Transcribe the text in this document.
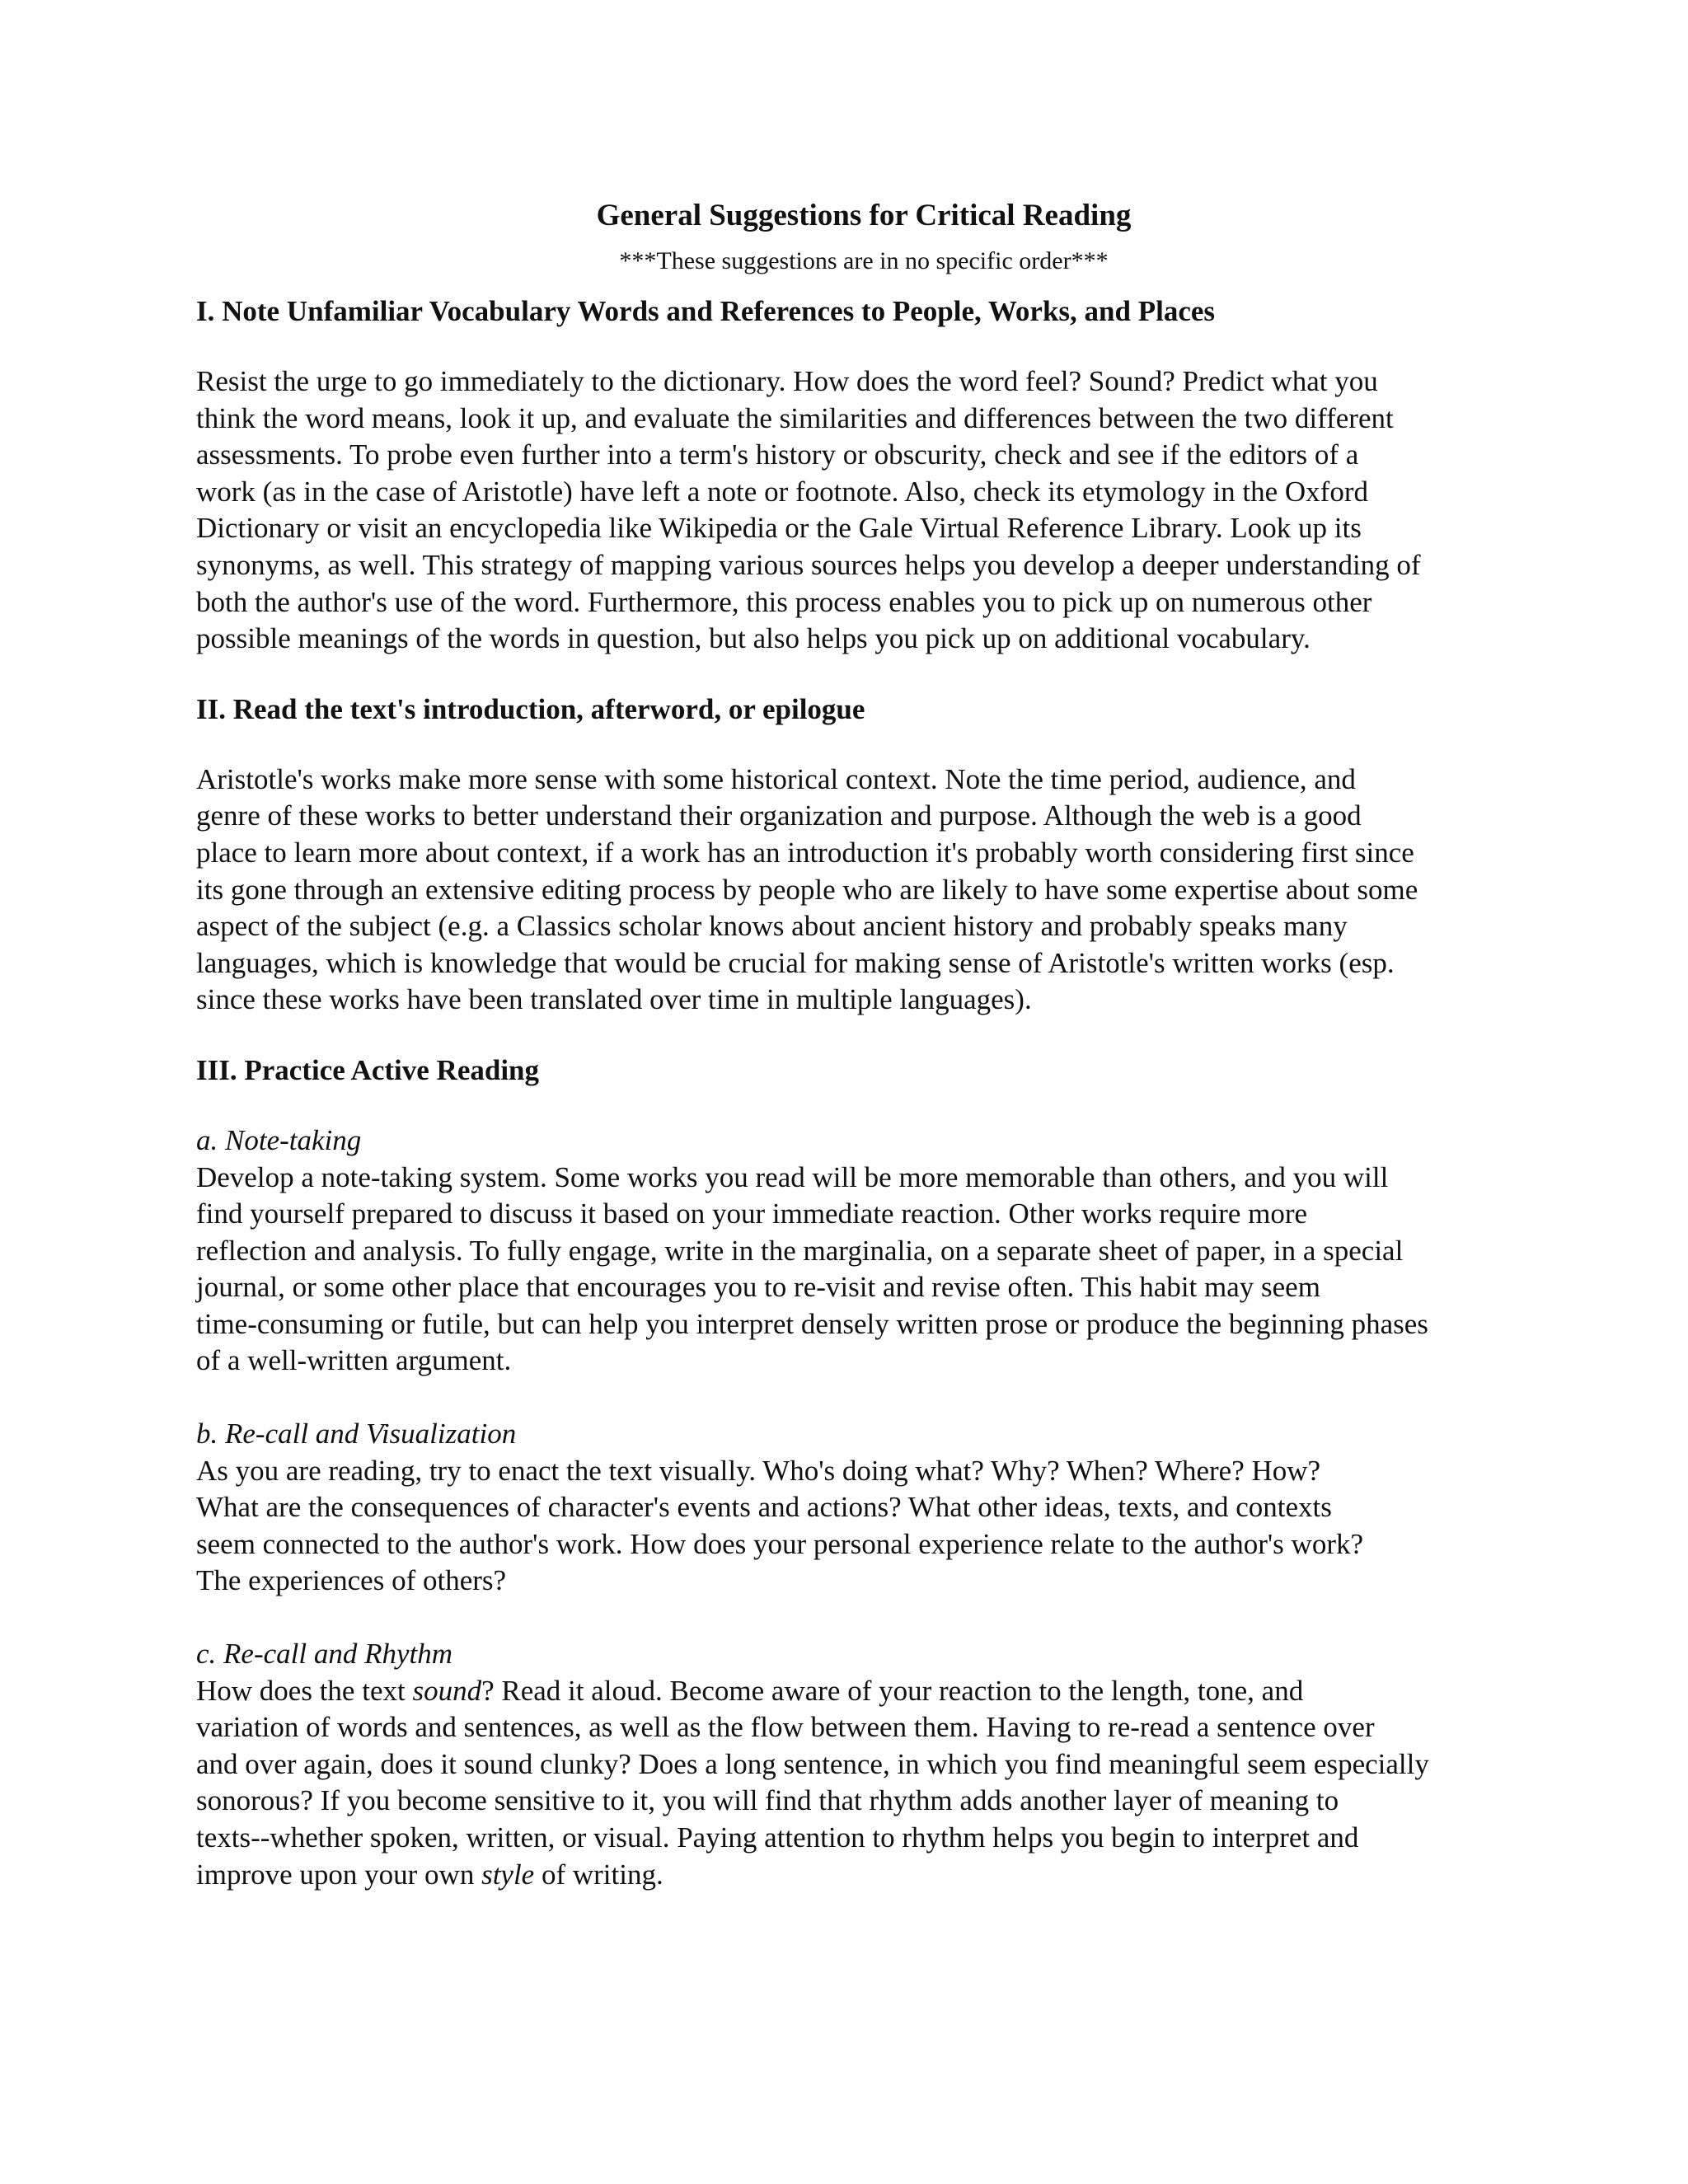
General Suggestions for Critical Reading
***These suggestions are in no specific order***
I. Note Unfamiliar Vocabulary Words and References to People, Works, and Places
Resist the urge to go immediately to the dictionary. How does the word feel? Sound? Predict what you
think the word means, look it up, and evaluate the similarities and differences between the two different
assessments. To probe even further into a term's history or obscurity, check and see if the editors of a
work (as in the case of Aristotle) have left a note or footnote. Also, check its etymology in the Oxford
Dictionary or visit an encyclopedia like Wikipedia or the Gale Virtual Reference Library. Look up its
synonyms, as well. This strategy of mapping various sources helps you develop a deeper understanding of
both the author's use of the word. Furthermore, this process enables you to pick up on numerous other
possible meanings of the words in question, but also helps you pick up on additional vocabulary.
II. Read the text's introduction, afterword, or epilogue
Aristotle's works make more sense with some historical context. Note the time period, audience, and
genre of these works to better understand their organization and purpose. Although the web is a good
place to learn more about context, if a work has an introduction it's probably worth considering first since
its gone through an extensive editing process by people who are likely to have some expertise about some
aspect of the subject (e.g. a Classics scholar knows about ancient history and probably speaks many
languages, which is knowledge that would be crucial for making sense of Aristotle's written works (esp.
since these works have been translated over time in multiple languages).
III. Practice Active Reading
a. Note-taking
Develop a note-taking system. Some works you read will be more memorable than others, and you will
find yourself prepared to discuss it based on your immediate reaction. Other works require more
reflection and analysis. To fully engage, write in the marginalia, on a separate sheet of paper, in a special
journal, or some other place that encourages you to re-visit and revise often. This habit may seem
time-consuming or futile, but can help you interpret densely written prose or produce the beginning phases
of a well-written argument.
b. Re-call and Visualization
As you are reading, try to enact the text visually. Who's doing what? Why? When? Where? How?
What are the consequences of character's events and actions? What other ideas, texts, and contexts
seem connected to the author's work. How does your personal experience relate to the author's work?
The experiences of others?
c. Re-call and Rhythm
How does the text sound? Read it aloud. Become aware of your reaction to the length, tone, and
variation of words and sentences, as well as the flow between them. Having to re-read a sentence over
and over again, does it sound clunky? Does a long sentence, in which you find meaningful seem especially
sonorous? If you become sensitive to it, you will find that rhythm adds another layer of meaning to
texts--whether spoken, written, or visual. Paying attention to rhythm helps you begin to interpret and
improve upon your own style of writing.
